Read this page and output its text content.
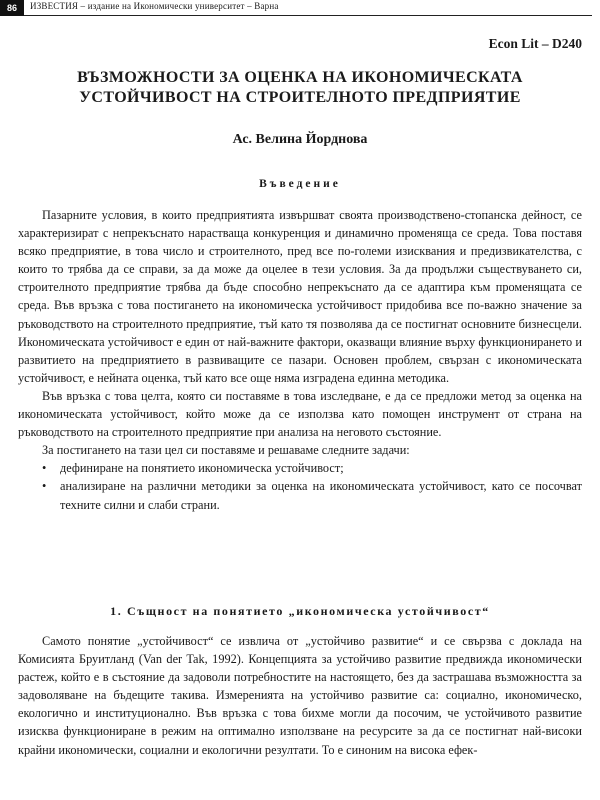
86	ИЗВЕСТИЯ – издание на Икономически университет – Варна
Econ Lit – D240
ВЪЗМОЖНОСТИ ЗА ОЦЕНКА НА ИКОНОМИЧЕСКАТА
УСТОЙЧИВОСТ НА СТРОИТЕЛНОТО ПРЕДПРИЯТИЕ
Ас. Велина Йорднова
Въведение

Пазарните условия, в които предприятията извършват своята производствено-стопанска дейност, се характеризират с непрекъснато нарастваща конкуренция и динамично променяща се среда. Това поставя всяко предприятие, в това число и строителното, пред все по-големи изисквания и предизвикателства, с които то трябва да се справи, за да може да оцелее в тези условия. За да продължи съществуването си, строителното предприятие трябва да бъде способно непрекъснато да се адаптира към променящата се среда. Във връзка с това постигането на икономическа устойчивост придобива все по-важно значение за ръководството на строителното предприятие, тъй като тя позволява да се постигнат основните бизнесцели. Икономическата устойчивост е един от най-важните фактори, оказващи влияние върху функционирането и развитието на предприятието в развиващите се пазари. Основен проблем, свързан с икономическата устойчивост, е нейната оценка, тъй като все още няма изградена единна методика.

Във връзка с това целта, която си поставяме в това изследване, е да се предложи метод за оценка на икономическата устойчивост, който може да се използва като помощен инструмент от страна на ръководството на строителното предприятие при анализа на неговото състояние.

За постигането на тази цел си поставяме и решаваме следните задачи:

• дефиниране на понятието икономическа устойчивост;
• анализиране на различни методики за оценка на икономическата устойчивост, като се посочват техните силни и слаби страни.
1. Същност на понятието „икономическа устойчивост“

Самото понятие „устойчивост“ се извлича от „устойчиво развитие“ и се свързва с доклада на Комисията Бруитланд (Van der Tak, 1992). Концепцията за устойчиво развитие предвижда икономически растеж, който е в състояние да задоволи потребностите на настоящето, без да застрашава възможността за задоволяване на бъдещите такива. Измеренията на устойчиво развитие са: социално, икономическо, екологично и институционално. Във връзка с това бихме могли да посочим, че устойчивото развитие изисква функциониране в режим на оптимално използване на ресурсите за да се постигнат най-високи крайни икономически, социални и екологични резултати. То е синоним на висока ефек-
